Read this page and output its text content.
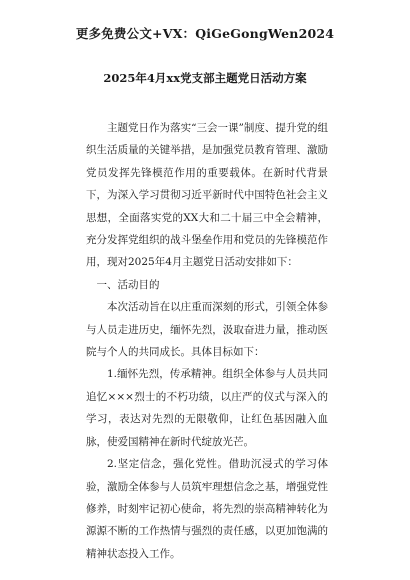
更多免费公文+VX：QiGeGongWen2024
2025年4月xx党支部主题党日活动方案

主题党日作为落实“三会一课”制度、提升党的组织生活质量的关键举措，是加强党员教育管理、激励党员发挥先锋模范作用的重要载体。在新时代背景下，为深入学习贯彻习近平新时代中国特色社会主义思想，全面落实党的XX大和二十届三中全会精神，充分发挥党组织的战斗堡垒作用和党员的先锋模范作用，现对2025年4月主题党日活动安排如下：

一、活动目的

本次活动旨在以庄重而深刻的形式，引领全体参与人员走进历史，缅怀先烈，汲取奋进力量，推动医院与个人的共同成长。具体目标如下：

1.缅怀先烈，传承精神。组织全体参与人员共同追忆×××烈士的不朽功绩，以庄严的仪式与深入的学习，表达对先烈的无限敬仰，让红色基因融入血脉，使爱国精神在新时代绽放光芒。

2.坚定信念，强化党性。借助沉浸式的学习体验，激励全体参与人员筑牢理想信念之基，增强党性修养，时刻牢记初心使命，将先烈的崇高精神转化为源源不断的工作热情与强烈的责任感，以更加饱满的精神状态投入工作。
